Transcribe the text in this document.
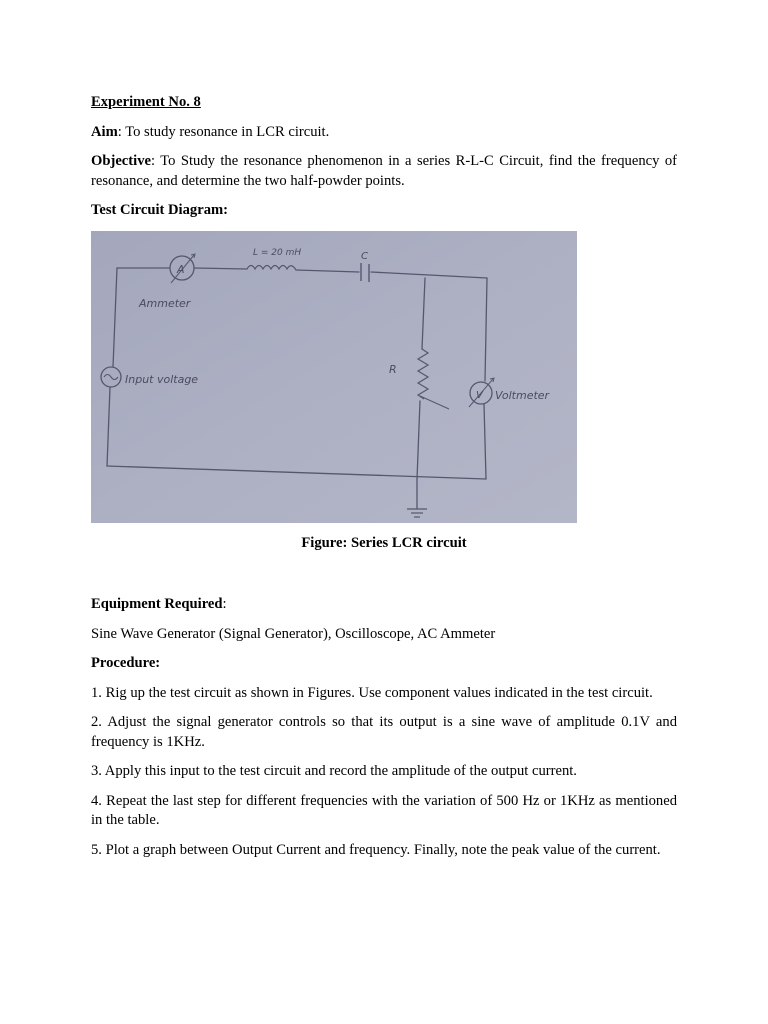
Experiment No. 8

Aim: To study resonance in LCR circuit.

Objective: To Study the resonance phenomenon in a series R-L-C Circuit, find the frequency of resonance, and determine the two half-powder points.

Test Circuit Diagram:

A
Ammeter
L = 20 mH	C
Input voltage
R
V Voltmeter

Figure: Series LCR circuit

Equipment Required:

Sine Wave Generator (Signal Generator), Oscilloscope, AC Ammeter

Procedure:

1. Rig up the test circuit as shown in Figures. Use component values indicated in the test circuit.

2. Adjust the signal generator controls so that its output is a sine wave of amplitude 0.1V and frequency is 1KHz.

3. Apply this input to the test circuit and record the amplitude of the output current.

4. Repeat the last step for different frequencies with the variation of 500 Hz or 1KHz as mentioned in the table.

5. Plot a graph between Output Current and frequency. Finally, note the peak value of the current.
